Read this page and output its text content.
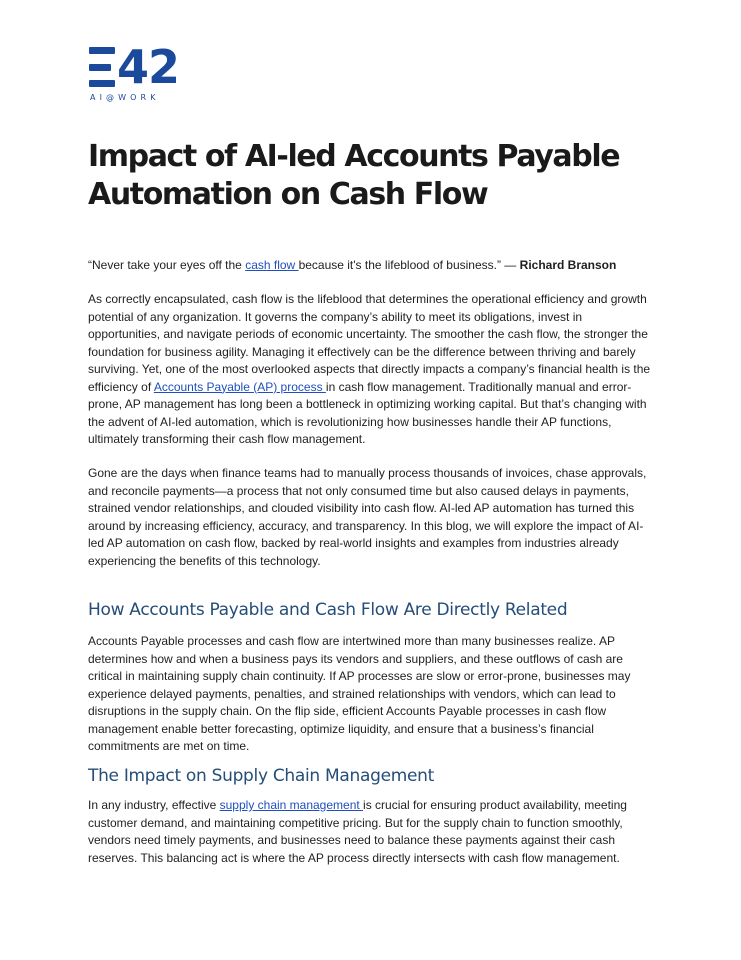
42
AI@WORK
Impact of AI-led Accounts Payable Automation on Cash Flow

“Never take your eyes off the cash flow because it's the lifeblood of business.” — Richard Branson

As correctly encapsulated, cash flow is the lifeblood that determines the operational efficiency and growth potential of any organization. It governs the company’s ability to meet its obligations, invest in opportunities, and navigate periods of economic uncertainty. The smoother the cash flow, the stronger the foundation for business agility. Managing it effectively can be the difference between thriving and barely surviving. Yet, one of the most overlooked aspects that directly impacts a company’s financial health is the efficiency of Accounts Payable (AP) process in cash flow management. Traditionally manual and error-prone, AP management has long been a bottleneck in optimizing working capital. But that’s changing with the advent of AI-led automation, which is revolutionizing how businesses handle their AP functions, ultimately transforming their cash flow management.

Gone are the days when finance teams had to manually process thousands of invoices, chase approvals, and reconcile payments—a process that not only consumed time but also caused delays in payments, strained vendor relationships, and clouded visibility into cash flow. AI-led AP automation has turned this around by increasing efficiency, accuracy, and transparency. In this blog, we will explore the impact of AI-led AP automation on cash flow, backed by real-world insights and examples from industries already experiencing the benefits of this technology.

How Accounts Payable and Cash Flow Are Directly Related

Accounts Payable processes and cash flow are intertwined more than many businesses realize. AP determines how and when a business pays its vendors and suppliers, and these outflows of cash are critical in maintaining supply chain continuity. If AP processes are slow or error-prone, businesses may experience delayed payments, penalties, and strained relationships with vendors, which can lead to disruptions in the supply chain. On the flip side, efficient Accounts Payable processes in cash flow management enable better forecasting, optimize liquidity, and ensure that a business’s financial commitments are met on time.

The Impact on Supply Chain Management

In any industry, effective supply chain management is crucial for ensuring product availability, meeting customer demand, and maintaining competitive pricing. But for the supply chain to function smoothly, vendors need timely payments, and businesses need to balance these payments against their cash reserves. This balancing act is where the AP process directly intersects with cash flow management.
